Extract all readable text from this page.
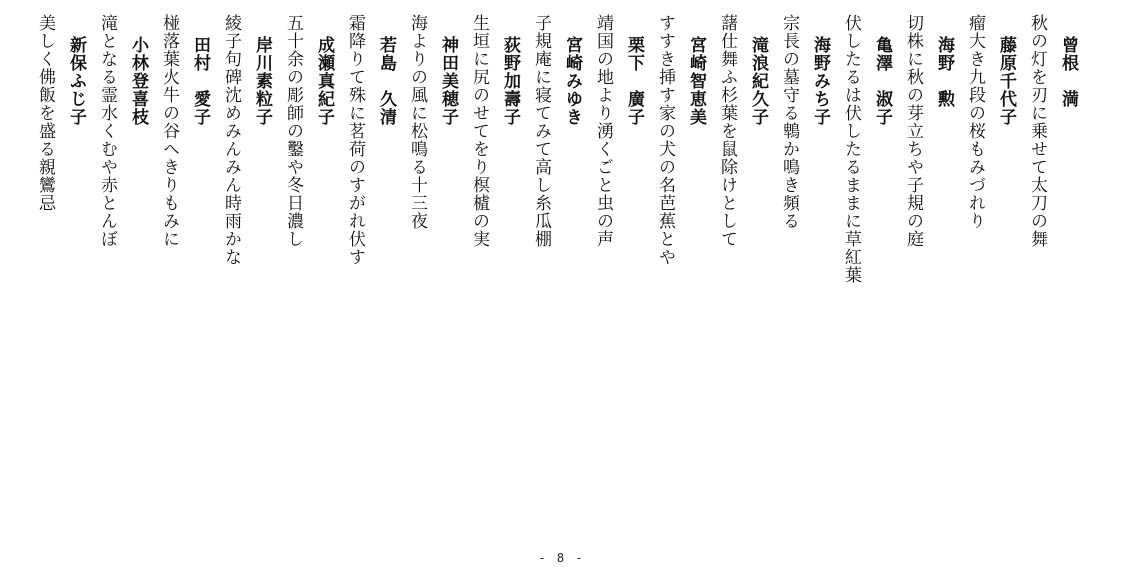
曾根　満
秋の灯を刃に乗せて太刀の舞
藤原千代子
瘤大き九段の桜もみづれり
海野　勲
切株に秋の芽立ちや子規の庭
亀澤　淑子
伏したるは伏したるままに草紅葉
海野みち子
宗長の墓守る鵯か鳴き頻る
滝浪紀久子
藷仕舞ふ杉葉を鼠除けとして
宮崎智恵美
すすき挿す家の犬の名芭蕉とや
栗下　廣子
靖国の地より湧くごと虫の声
宮崎みゆき
子規庵に寝てみて高し糸瓜棚
荻野加壽子
生垣に尻のせてをり榠樝の実
神田美穂子
海よりの風に松鳴る十三夜
若島　久清
霜降りて殊に茗荷のすがれ伏す
成瀬真紀子
五十余の彫師の鑿や冬日濃し
岸川素粒子
綾子句碑沈めみんみん時雨かな
田村　愛子
椪落葉火牛の谷へきりもみに
小林登喜枝
滝となる霊水くむや赤とんぼ
新保ふじ子
美しく佛飯を盛る親鸞忌
- 8 -
